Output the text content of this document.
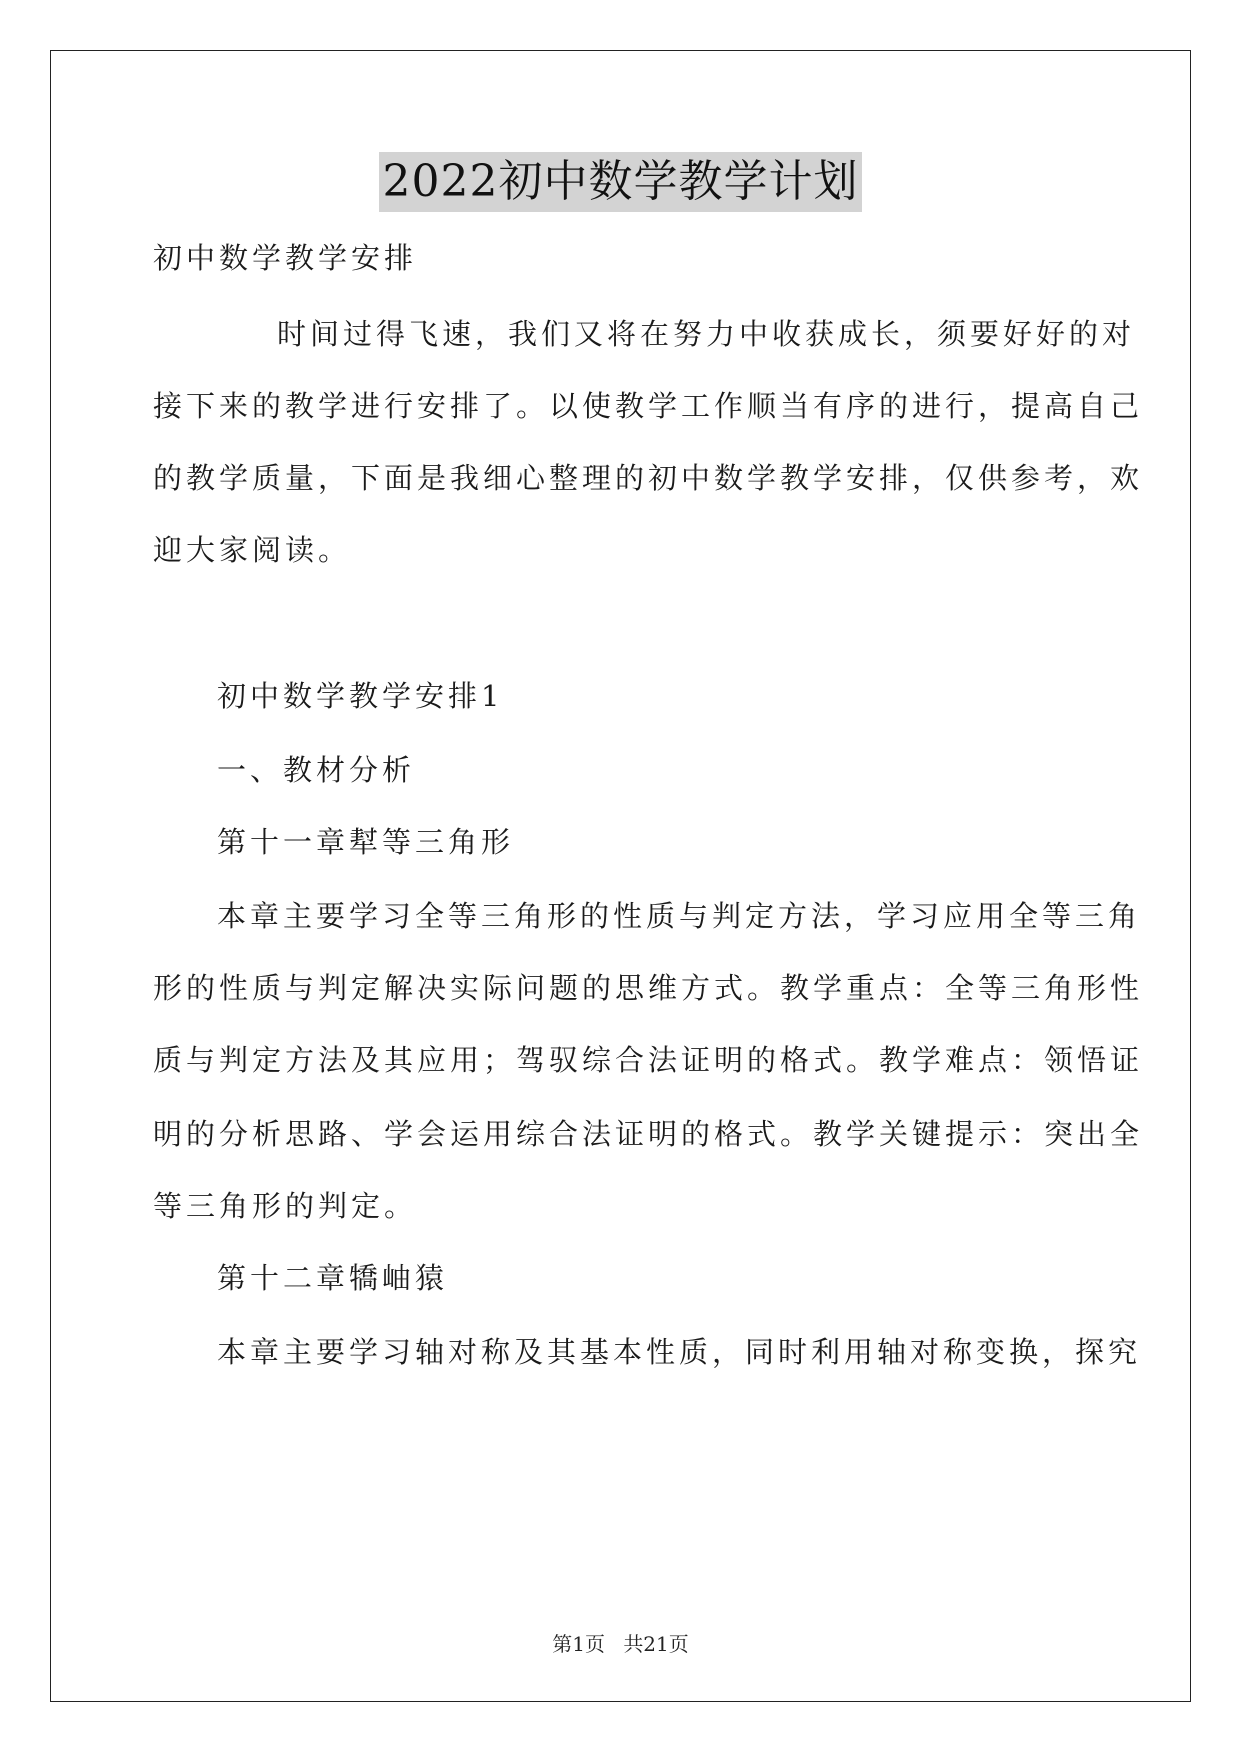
2022初中数学教学计划
初中数学教学安排
时间过得飞速，我们又将在努力中收获成长，须要好好的对
接下来的教学进行安排了。以使教学工作顺当有序的进行，提高自己
的教学质量，下面是我细心整理的初中数学教学安排，仅供参考，欢
迎大家阅读。
初中数学教学安排1
一、教材分析
第十一章犎等三角形
本章主要学习全等三角形的性质与判定方法，学习应用全等三角
形的性质与判定解决实际问题的思维方式。教学重点：全等三角形性
质与判定方法及其应用；驾驭综合法证明的格式。教学难点：领悟证
明的分析思路、学会运用综合法证明的格式。教学关键提示：突出全
等三角形的判定。
第十二章犞岫猿
本章主要学习轴对称及其基本性质，同时利用轴对称变换，探究
第1页 共21页
